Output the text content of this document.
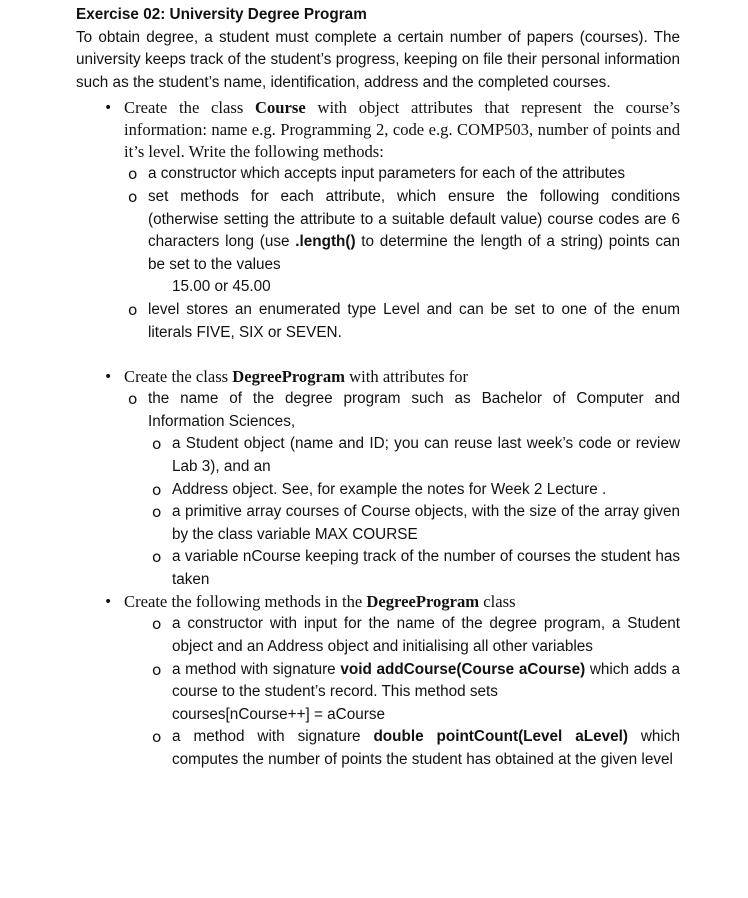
Exercise 02: University Degree Program

To obtain degree, a student must complete a certain number of papers (courses). The university keeps track of the student’s progress, keeping on file their personal information such as the student’s name, identification, address and the completed courses.

• Create the class Course with object attributes that represent the course’s information: name e.g. Programming 2, code e.g. COMP503, number of points and it’s level. Write the following methods:
o a constructor which accepts input parameters for each of the attributes
o set methods for each attribute, which ensure the following conditions (otherwise setting the attribute to a suitable default value) course codes are 6 characters long (use .length() to determine the length of a string) points can be set to the values
15.00 or 45.00
o level stores an enumerated type Level and can be set to one of the enum literals FIVE, SIX or SEVEN.
• Create the class DegreeProgram with attributes for
o the name of the degree program such as Bachelor of Computer and Information Sciences,
o a Student object (name and ID; you can reuse last week’s code or review Lab 3), and an
o Address object. See, for example the notes for Week 2 Lecture .
o a primitive array courses of Course objects, with the size of the array given by the class variable MAX COURSE
o a variable nCourse keeping track of the number of courses the student has taken
• Create the following methods in the DegreeProgram class
o a constructor with input for the name of the degree program, a Student object and an Address object and initialising all other variables
o a method with signature void addCourse(Course aCourse) which adds a course to the student’s record. This method sets
courses[nCourse++] = aCourse
o a method with signature double pointCount(Level aLevel) which computes the number of points the student has obtained at the given level
